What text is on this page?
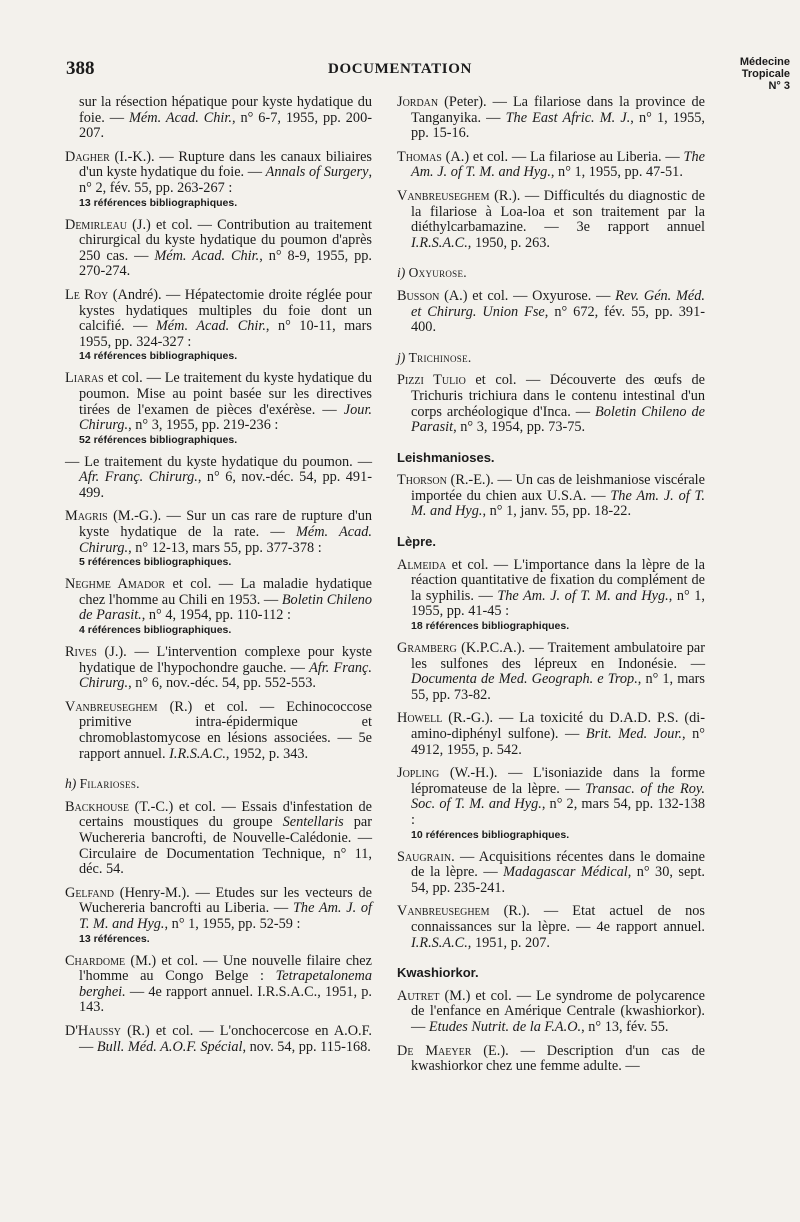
388	DOCUMENTATION	Médecine
Tropicale
N° 3
sur la résection hépatique pour kyste hydatique du foie. — Mém. Acad. Chir., n° 6-7, 1955, pp. 200-207.
Dagher (I.-K.). — Rupture dans les canaux biliaires d'un kyste hydatique du foie. — Annals of Surgery, n° 2, fév. 55, pp. 263-267 :
13 références bibliographiques.
Demirleau (J.) et col. — Contribution au traitement chirurgical du kyste hydatique du poumon d'après 250 cas. — Mém. Acad. Chir., n° 8-9, 1955, pp. 270-274.
Le Roy (André). — Hépatectomie droite réglée pour kystes hydatiques multiples du foie dont un calcifié. — Mém. Acad. Chir., n° 10-11, mars 1955, pp. 324-327 :
14 références bibliographiques.
Liaras et col. — Le traitement du kyste hydatique du poumon. Mise au point basée sur les directives tirées de l'examen de pièces d'exérèse. — Jour. Chirurg., n° 3, 1955, pp. 219-236 :
52 références bibliographiques.
— Le traitement du kyste hydatique du poumon. — Afr. Franç. Chirurg., n° 6, nov.-déc. 54, pp. 491-499.
Magris (M.-G.). — Sur un cas rare de rupture d'un kyste hydatique de la rate. — Mém. Acad. Chirurg., n° 12-13, mars 55, pp. 377-378 :
5 références bibliographiques.
Neghme Amador et col. — La maladie hydatique chez l'homme au Chili en 1953. — Boletin Chileno de Parasit., n° 4, 1954, pp. 110-112 :
4 références bibliographiques.
Rives (J.). — L'intervention complexe pour kyste hydatique de l'hypochondre gauche. — Afr. Franç. Chirurg., n° 6, nov.-déc. 54, pp. 552-553.
Vanbreuseghem (R.) et col. — Echinococcose primitive intra-épidermique et chromoblastomycose en lésions associées. — 5e rapport annuel. I.R.S.A.C., 1952, p. 343.
h) Filarioses.
Backhouse (T.-C.) et col. — Essais d'infestation de certains moustiques du groupe Sentellaris par Wuchereria bancrofti, de Nouvelle-Calédonie. — Circulaire de Documentation Technique, n° 11, déc. 54.
Gelfand (Henry-M.). — Etudes sur les vecteurs de Wuchereria bancrofti au Liberia. — The Am. J. of T. M. and Hyg., n° 1, 1955, pp. 52-59 :
13 références.
Chardome (M.) et col. — Une nouvelle filaire chez l'homme au Congo Belge : Tetrapetalonema berghei. — 4e rapport annuel. I.R.S.A.C., 1951, p. 143.
D'Haussy (R.) et col. — L'onchocercose en A.O.F. — Bull. Méd. A.O.F. Spécial, nov. 54, pp. 115-168.
Jordan (Peter). — La filariose dans la province de Tanganyika. — The East Afric. M. J., n° 1, 1955, pp. 15-16.
Thomas (A.) et col. — La filariose au Liberia. — The Am. J. of T. M. and Hyg., n° 1, 1955, pp. 47-51.
Vanbreuseghem (R.). — Difficultés du diagnostic de la filariose à Loa-loa et son traitement par la diéthylcarbamazine. — 3e rapport annuel I.R.S.A.C., 1950, p. 263.
i) Oxyurose.
Busson (A.) et col. — Oxyurose. — Rev. Gén. Méd. et Chirurg. Union Fse, n° 672, fév. 55, pp. 391-400.
j) Trichinose.
Pizzi Tulio et col. — Découverte des œufs de Trichuris trichiura dans le contenu intestinal d'un corps archéologique d'Inca. — Boletin Chileno de Parasit, n° 3, 1954, pp. 73-75.
Leishmanioses.
Thorson (R.-E.). — Un cas de leishmaniose viscérale importée du chien aux U.S.A. — The Am. J. of T. M. and Hyg., n° 1, janv. 55, pp. 18-22.
Lèpre.
Almeida et col. — L'importance dans la lèpre de la réaction quantitative de fixation du complément de la syphilis. — The Am. J. of T. M. and Hyg., n° 1, 1955, pp. 41-45 :
18 références bibliographiques.
Gramberg (K.P.C.A.). — Traitement ambulatoire par les sulfones des lépreux en Indonésie. — Documenta de Med. Geograph. e Trop., n° 1, mars 55, pp. 73-82.
Howell (R.-G.). — La toxicité du D.A.D. P.S. (di-amino-diphényl sulfone). — Brit. Med. Jour., n° 4912, 1955, p. 542.
Jopling (W.-H.). — L'isoniazide dans la forme lépromateuse de la lèpre. — Transac. of the Roy. Soc. of T. M. and Hyg., n° 2, mars 54, pp. 132-138 :
10 références bibliographiques.
Saugrain. — Acquisitions récentes dans le domaine de la lèpre. — Madagascar Médical, n° 30, sept. 54, pp. 235-241.
Vanbreuseghem (R.). — Etat actuel de nos connaissances sur la lèpre. — 4e rapport annuel. I.R.S.A.C., 1951, p. 207.
Kwashiorkor.
Autret (M.) et col. — Le syndrome de polycarence de l'enfance en Amérique Centrale (kwashiorkor). — Etudes Nutrit. de la F.A.O., n° 13, fév. 55.
De Maeyer (E.). — Description d'un cas de kwashiorkor chez une femme adulte. —
